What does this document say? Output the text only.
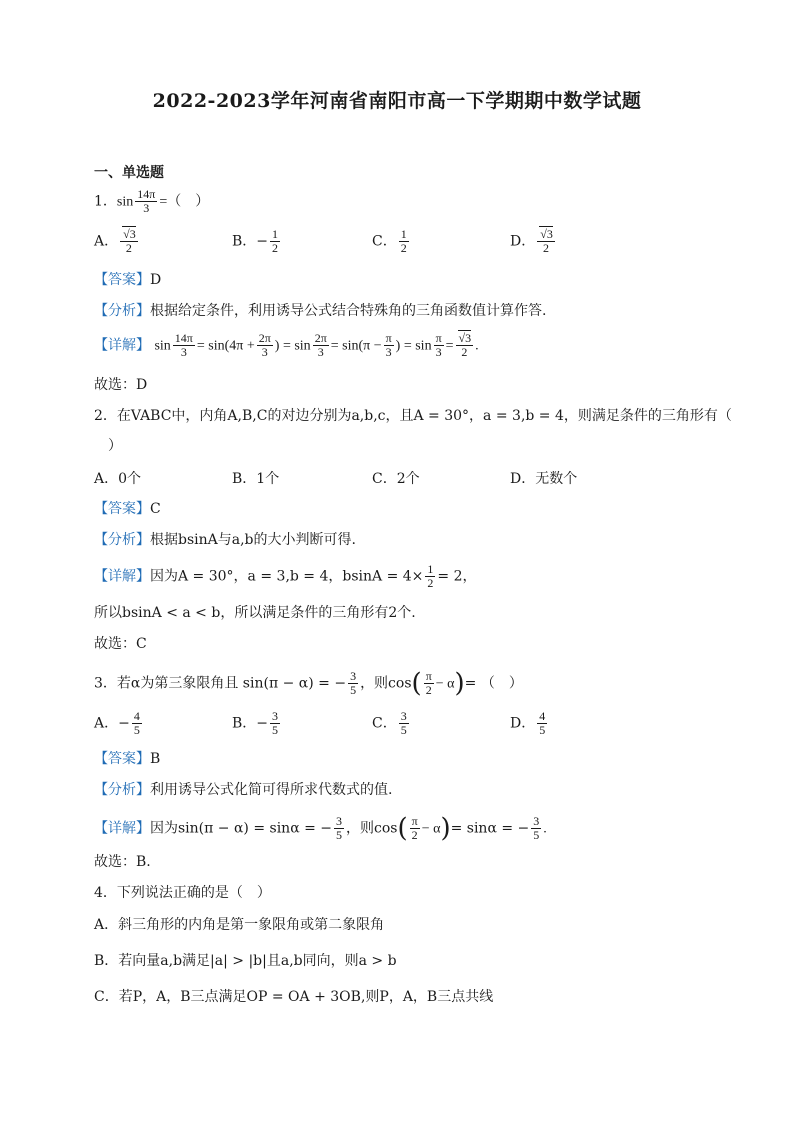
2022-2023学年河南省南阳市高一下学期期中数学试题
一、单选题
1．$\sin \frac{14\pi}{3}$ =（　）
A． $\frac{√3}{2}$	B．− $\frac{1}{2}$	C． $\frac{1}{2}$	D． $\frac{√3}{2}$
【答案】D
【分析】根据给定条件，利用诱导公式结合特殊角的三角函数值计算作答.
【详解】 $\sin \frac{14\pi}{3} = \sin(4\pi + \frac{2\pi}{3}$ ) = $\sin \frac{2\pi}{3} = \sin(\pi - \frac{\pi}{3}$ ) = $\sin \frac{\pi}{3} = \frac{√3}{2}$ .
故选：D
2．在VABC中，内角A,B,C的对边分别为a,b,c，且A = 30°，a = 3,b = 4，则满足条件的三角形有（
）
A．0个	B．1个	C．2个	D．无数个
【答案】C
【分析】根据bsinA与a,b的大小判断可得.
【详解】因为A = 30°，a = 3,b = 4，$bsinA = 4\times \frac{1}{2} = 2$，
所以bsinA < a < b，所以满足条件的三角形有2个.
故选：C
3．若α为第三象限角且 sin(π − α) = − $\frac{3}{5}$ ，则$\cos( \frac{\pi}{2} - \alpha)=$ （　）
A．− $\frac{4}{5}$	B．− $\frac{3}{5}$	C． $\frac{3}{5}$	D． $\frac{4}{5}$
【答案】B
【分析】利用诱导公式化简可得所求代数式的值.
【详解】因为sin(π − α) = sinα = − $\frac{3}{5}$ ，则$\cos( \frac{\pi}{2} - \alpha)= \sin\alpha$ = − $\frac{3}{5}$ .
故选：B.
4．下列说法正确的是（　）
A．斜三角形的内角是第一象限角或第二象限角
B．若向量a,b满足|a| > |b|且a,b同向，则a > b
C．若P，A，B三点满足OP = OA + 3OB,则P，A，B三点共线
